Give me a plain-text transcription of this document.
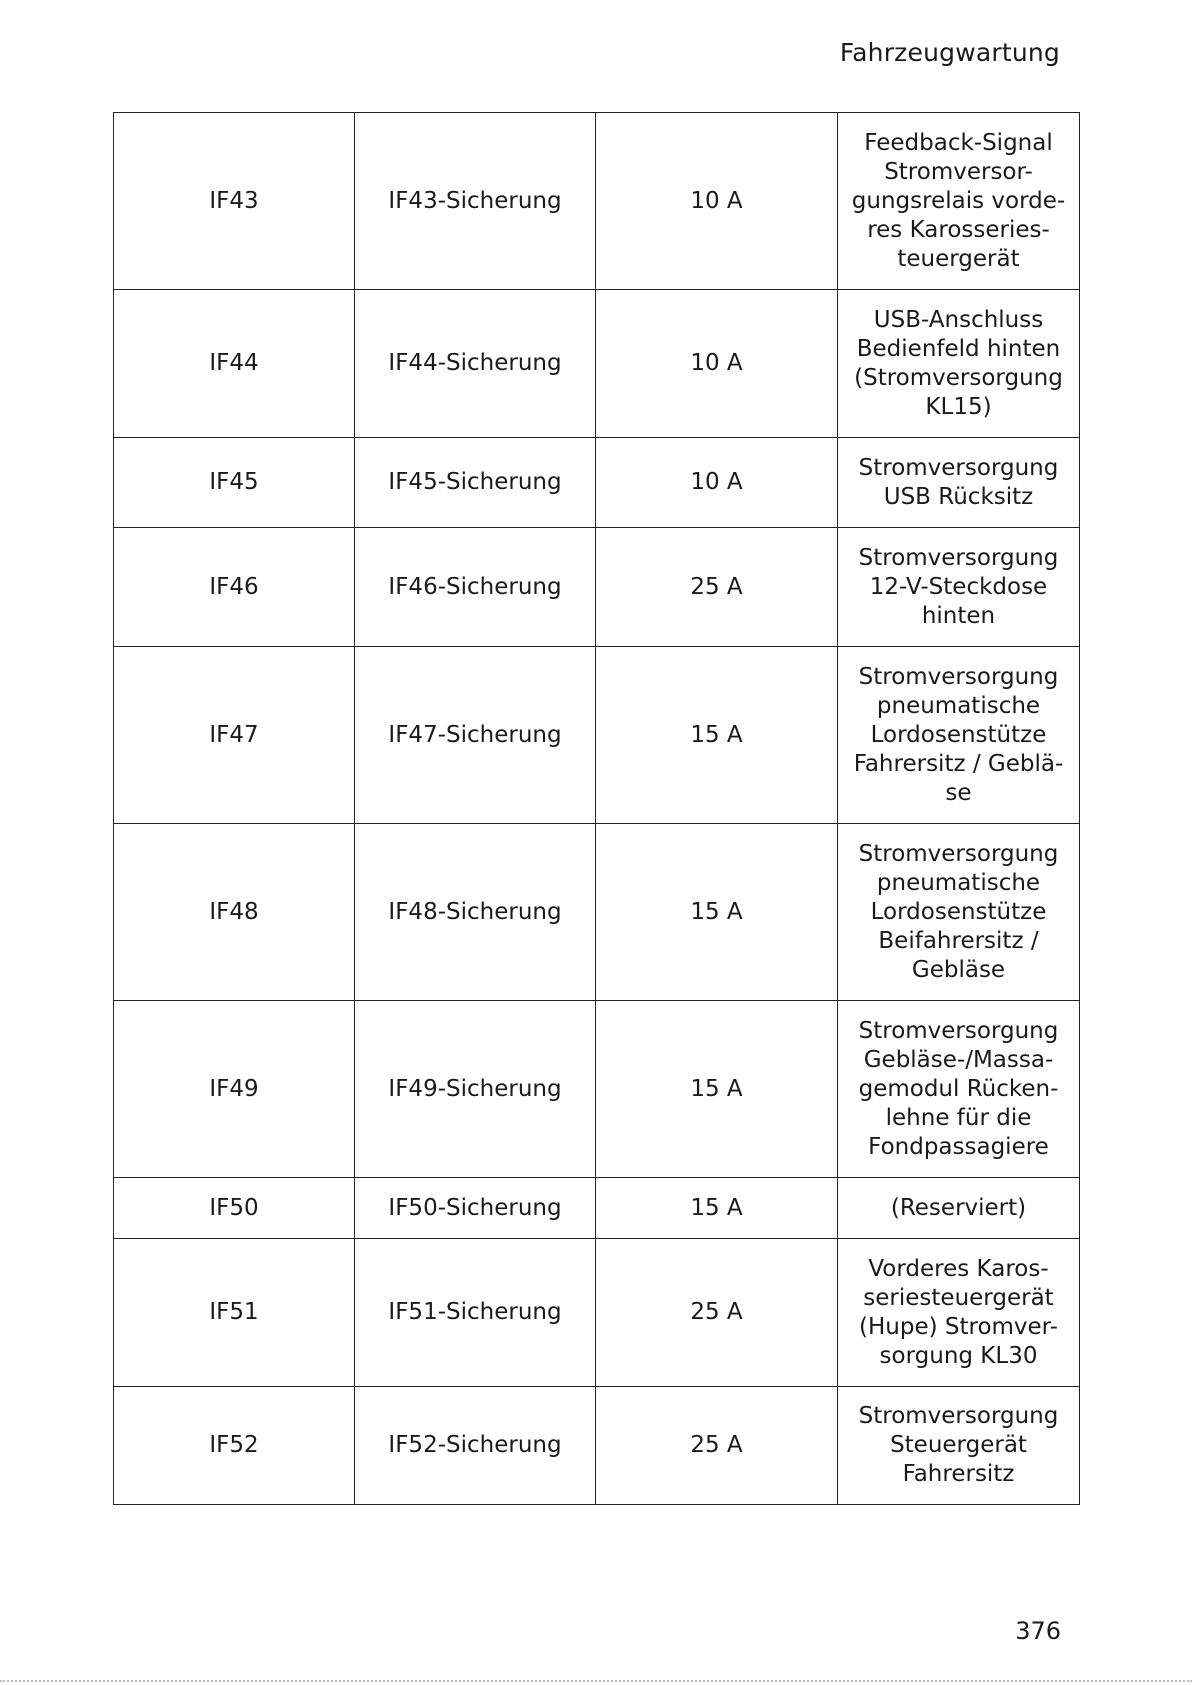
Fahrzeugwartung
IF43	IF43-Sicherung	10 A	Feedback-Signal
Stromversor-
gungsrelais vorde-
res Karosseries-
teuergerät

IF44	IF44-Sicherung	10 A	USB-Anschluss
Bedienfeld hinten
(Stromversorgung
KL15)

IF45	IF45-Sicherung	10 A	Stromversorgung
USB Rücksitz

IF46	IF46-Sicherung	25 A	Stromversorgung
12-V-Steckdose
hinten

IF47	IF47-Sicherung	15 A	Stromversorgung
pneumatische
Lordosenstütze
Fahrersitz / Geblä-
se

IF48	IF48-Sicherung	15 A	Stromversorgung
pneumatische
Lordosenstütze
Beifahrersitz /
Gebläse

IF49	IF49-Sicherung	15 A	Stromversorgung
Gebläse-/Massa-
gemodul Rücken-
lehne für die
Fondpassagiere

IF50	IF50-Sicherung	15 A	(Reserviert)

IF51	IF51-Sicherung	25 A	Vorderes Karos-
seriesteuergerät
(Hupe) Stromver-
sorgung KL30

IF52	IF52-Sicherung	25 A	Stromversorgung
Steuergerät
Fahrersitz
376
